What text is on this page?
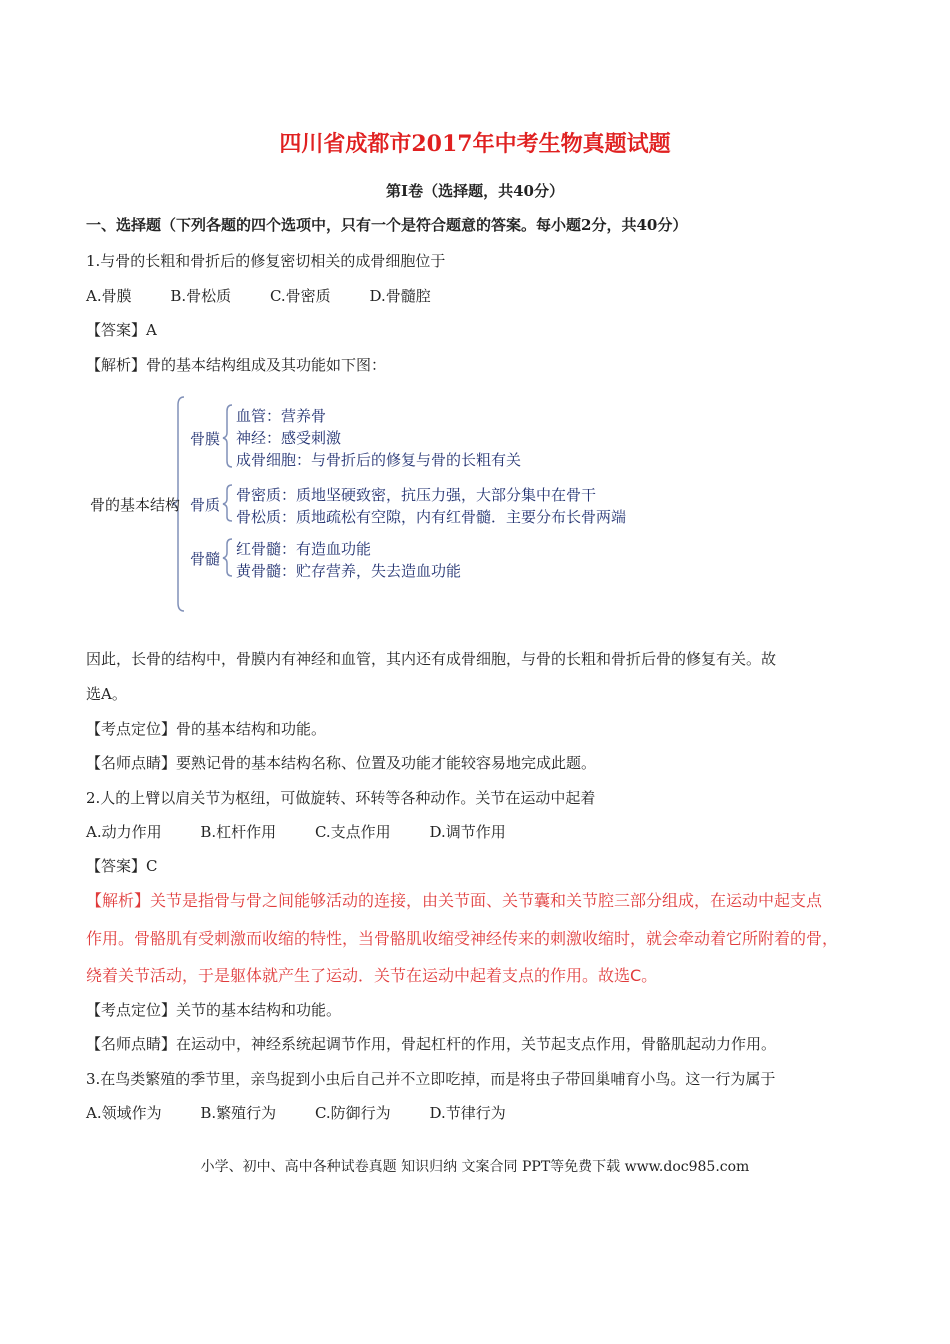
四川省成都市2017年中考生物真题试题
第Ⅰ卷（选择题，共40分）
一、选择题（下列各题的四个选项中，只有一个是符合题意的答案。每小题2分，共40分）
1.与骨的长粗和骨折后的修复密切相关的成骨细胞位于
A.骨膜	B.骨松质	C.骨密质	D.骨髓腔
【答案】A
【解析】骨的基本结构组成及其功能如下图：
骨的基本结构
骨膜
血管：营养骨
神经：感受刺激
成骨细胞：与骨折后的修复与骨的长粗有关
骨质
骨密质：质地坚硬致密，抗压力强，大部分集中在骨干
骨松质：质地疏松有空隙，内有红骨髓．主要分布长骨两端
骨髓
红骨髓：有造血功能
黄骨髓：贮存营养，失去造血功能
因此，长骨的结构中，骨膜内有神经和血管，其内还有成骨细胞，与骨的长粗和骨折后骨的修复有关。故
选A。
【考点定位】骨的基本结构和功能。
【名师点睛】要熟记骨的基本结构名称、位置及功能才能较容易地完成此题。
2.人的上臂以肩关节为枢纽，可做旋转、环转等各种动作。关节在运动中起着
A.动力作用	B.杠杆作用	C.支点作用	D.调节作用
【答案】C
【解析】关节是指骨与骨之间能够活动的连接，由关节面、关节囊和关节腔三部分组成，在运动中起支点
作用。骨骼肌有受刺激而收缩的特性，当骨骼肌收缩受神经传来的刺激收缩时，就会牵动着它所附着的骨，
绕着关节活动，于是躯体就产生了运动．关节在运动中起着支点的作用。故选C。
【考点定位】关节的基本结构和功能。
【名师点睛】在运动中，神经系统起调节作用，骨起杠杆的作用，关节起支点作用，骨骼肌起动力作用。
3.在鸟类繁殖的季节里，亲鸟捉到小虫后自己并不立即吃掉，而是将虫子带回巢哺育小鸟。这一行为属于
A.领域作为	B.繁殖行为	C.防御行为	D.节律行为
小学、初中、高中各种试卷真题 知识归纳 文案合同 PPT等免费下载 www.doc985.com
